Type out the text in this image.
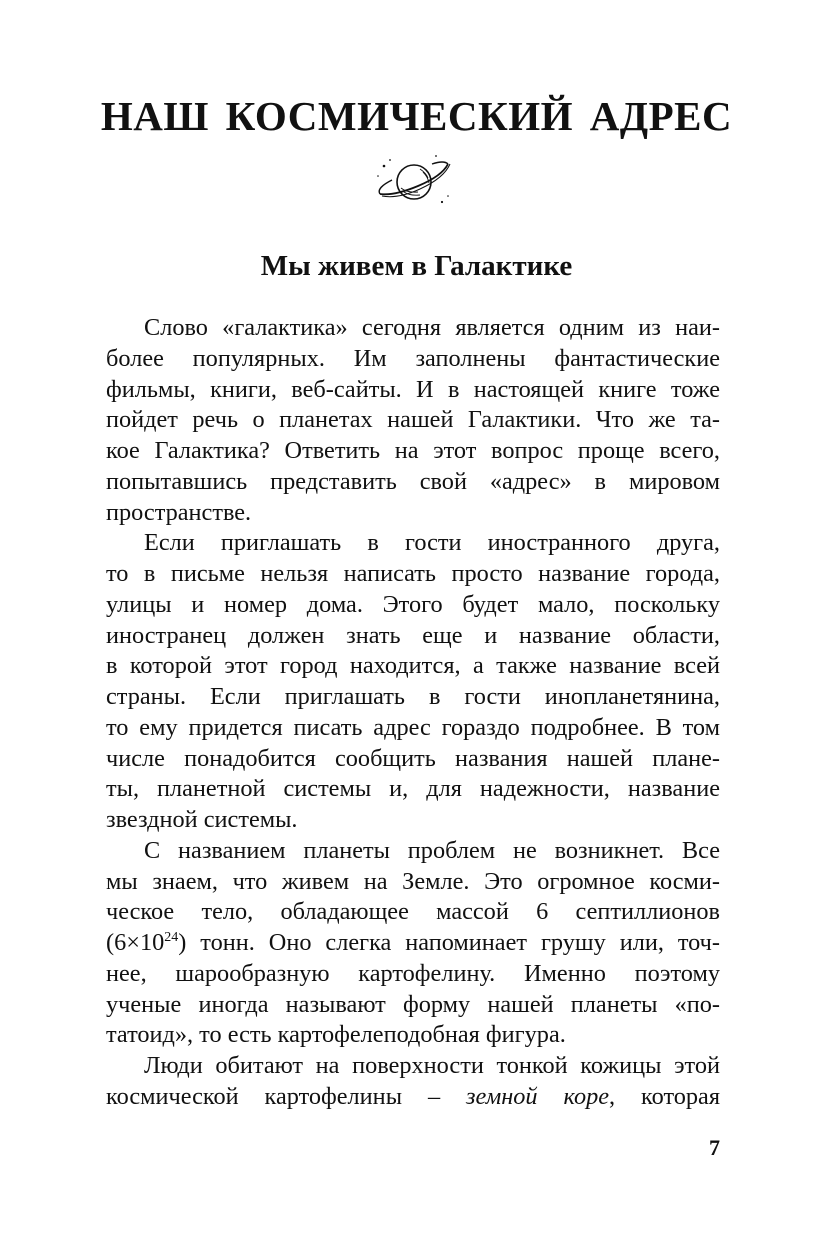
НАШ КОСМИЧЕСКИЙ АДРЕС
Мы живем в Галактике
Слово «галактика» сегодня является одним из наи-
более популярных. Им заполнены фантастические
фильмы, книги, веб-сайты. И в настоящей книге тоже
пойдет речь о планетах нашей Галактики. Что же та-
кое Галактика? Ответить на этот вопрос проще всего,
попытавшись представить свой «адрес» в мировом
пространстве.
Если приглашать в гости иностранного друга,
то в письме нельзя написать просто название города,
улицы и номер дома. Этого будет мало, поскольку
иностранец должен знать еще и название области,
в которой этот город находится, а также название всей
страны. Если приглашать в гости инопланетянина,
то ему придется писать адрес гораздо подробнее. В том
числе понадобится сообщить названия нашей плане-
ты, планетной системы и, для надежности, название
звездной системы.
С названием планеты проблем не возникнет. Все
мы знаем, что живем на Земле. Это огромное косми-
ческое тело, обладающее массой 6 септиллионов
$(6\times 10^{24})$ тонн. Оно слегка напоминает грушу или, точ-
нее, шарообразную картофелину. Именно поэтому
ученые иногда называют форму нашей планеты «по-
татоид», то есть картофелеподобная фигура.
Люди обитают на поверхности тонкой кожицы этой
космической картофелины – земной коре, которая
7
